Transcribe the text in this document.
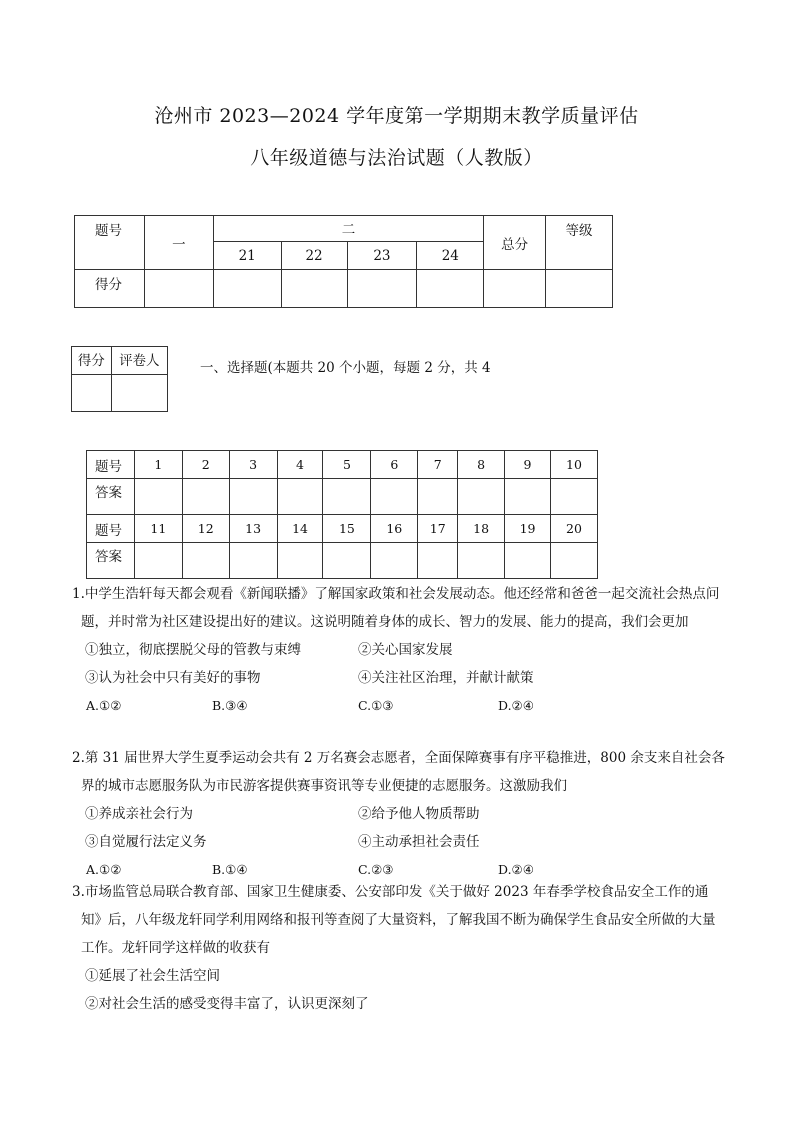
沧州市 2023—2024 学年度第一学期期末教学质量评估
八年级道德与法治试题（人教版）
题号	一	二				总分	等级
		21	22	23	24		
得分							
得分	评卷人
		一、选择题(本题共 20 个小题，每题 2 分，共 4
题号	1	2	3	4	5	6	7	8	9	10
答案										
题号	11	12	13	14	15	16	17	18	19	20
答案										
1.中学生浩轩每天都会观看《新闻联播》了解国家政策和社会发展动态。他还经常和爸爸一起交流社会热点问题，并时常为社区建设提出好的建议。这说明随着身体的成长、智力的发展、能力的提高，我们会更加
①独立，彻底摆脱父母的管教与束缚	②关心国家发展
③认为社会中只有美好的事物	④关注社区治理，并献计献策
A.①②	B.③④	C.①③	D.②④
2.第 31 届世界大学生夏季运动会共有 2 万名赛会志愿者，全面保障赛事有序平稳推进，800 余支来自社会各界的城市志愿服务队为市民游客提供赛事资讯等专业便捷的志愿服务。这激励我们
①养成亲社会行为	②给予他人物质帮助
③自觉履行法定义务	④主动承担社会责任
A.①②	B.①④	C.②③	D.②④
3.市场监管总局联合教育部、国家卫生健康委、公安部印发《关于做好 2023 年春季学校食品安全工作的通知》后，八年级龙轩同学利用网络和报刊等查阅了大量资料，了解我国不断为确保学生食品安全所做的大量工作。龙轩同学这样做的收获有
①延展了社会生活空间
②对社会生活的感受变得丰富了，认识更深刻了
